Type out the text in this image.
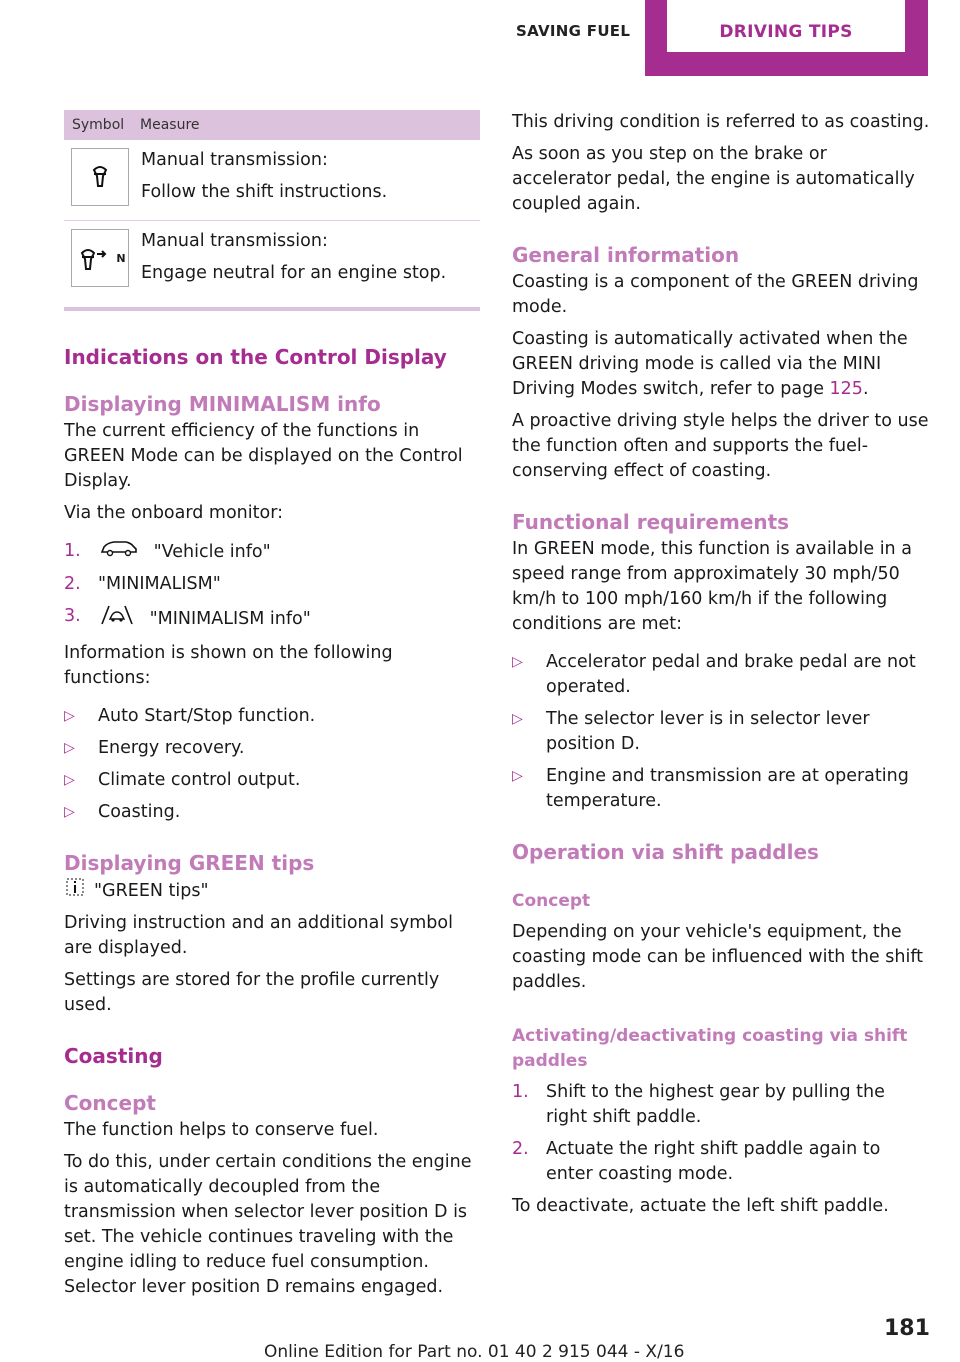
SAVING FUEL	DRIVING TIPS
Symbol	Measure

Manual transmission:

Follow the shift instructions.

N

Manual transmission:

Engage neutral for an engine stop.

Indications on the Control Display
Displaying MINIMALISM info

The current efficiency of the functions in GREEN Mode can be displayed on the Control Display.

Via the onboard monitor:

1.	"Vehicle info"
2. "MINIMALISM"
3.	"MINIMALISM info"

Information is shown on the following functions:

▷	Auto Start/Stop function.
▷	Energy recovery.
▷	Climate control output.
▷	Coasting.
Displaying GREEN tips

"GREEN tips"

Driving instruction and an additional symbol are displayed.

Settings are stored for the profile currently used.

Coasting
Concept

The function helps to conserve fuel.

To do this, under certain conditions the engine is automatically decoupled from the transmission when selector lever position D is set. The vehicle continues traveling with the engine idling to reduce fuel consumption. Selector lever position D remains engaged.

This driving condition is referred to as coasting.

As soon as you step on the brake or accelerator pedal, the engine is automatically coupled again.

General information

Coasting is a component of the GREEN driving mode.

Coasting is automatically activated when the GREEN driving mode is called via the MINI Driving Modes switch, refer to page 125.

A proactive driving style helps the driver to use the function often and supports the fuel-conserving effect of coasting.

Functional requirements

In GREEN mode, this function is available in a speed range from approximately 30 mph/50 km/h to 100 mph/160 km/h if the following conditions are met:

▷	Accelerator pedal and brake pedal are not operated.
▷	The selector lever is in selector lever position D.
▷	Engine and transmission are at operating temperature.
Operation via shift paddles
Concept

Depending on your vehicle's equipment, the coasting mode can be influenced with the shift paddles.

Activating/deactivating coasting via shift paddles
1. Shift to the highest gear by pulling the right shift paddle.
2. Actuate the right shift paddle again to enter coasting mode.

To deactivate, actuate the left shift paddle.

181
Online Edition for Part no. 01 40 2 915 044 - X/16
